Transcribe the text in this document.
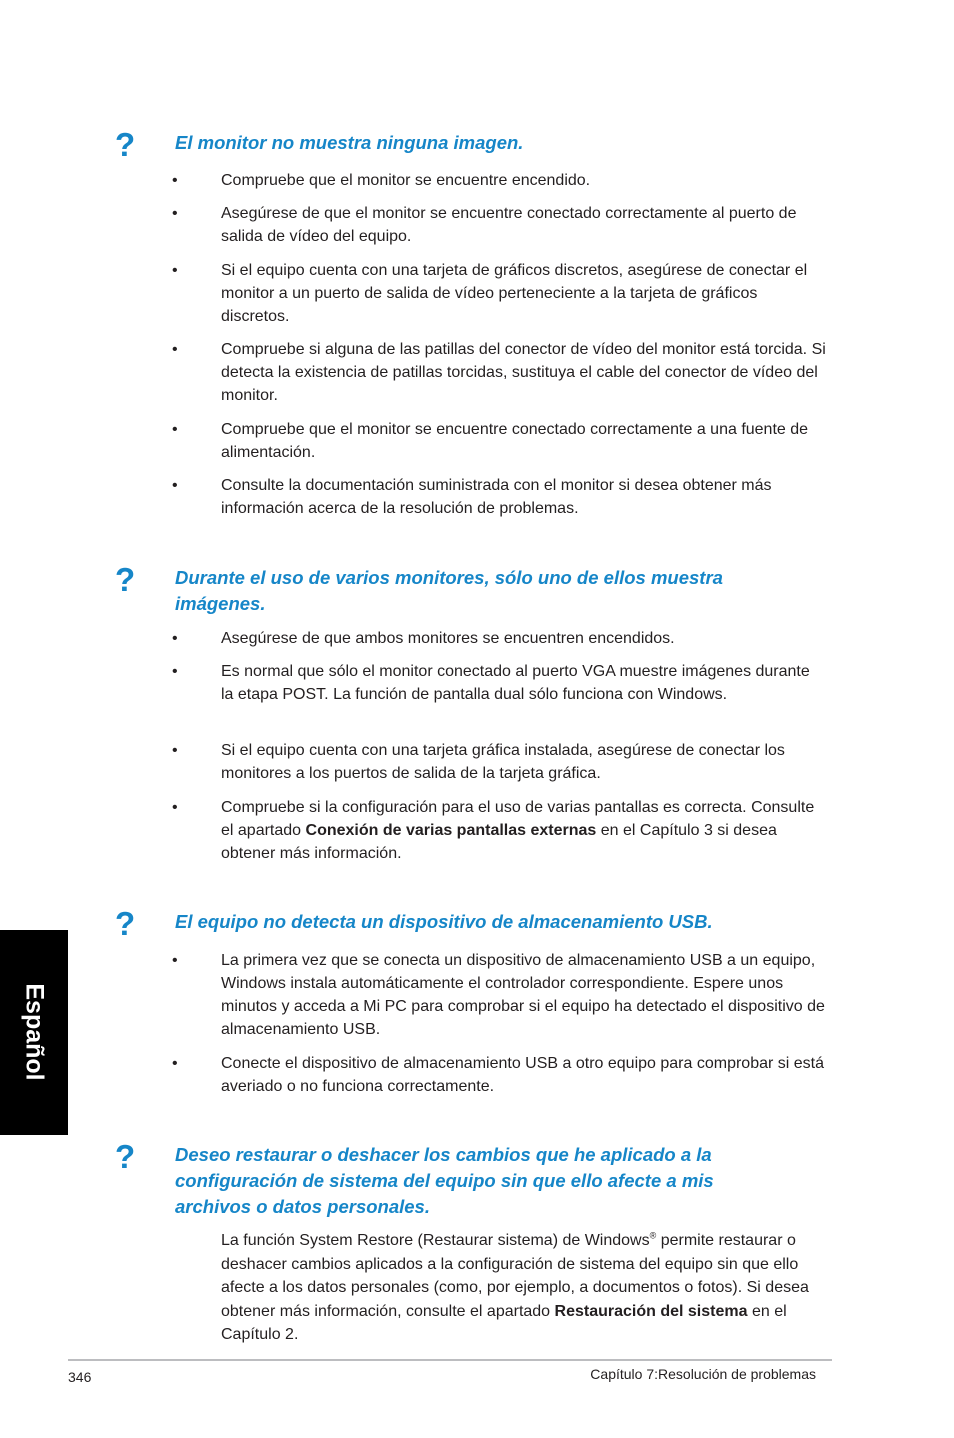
Español
? El monitor no muestra ninguna imagen.
•	Compruebe que el monitor se encuentre encendido.
•	Asegúrese de que el monitor se encuentre conectado correctamente al puerto de salida de vídeo del equipo.
•	Si el equipo cuenta con una tarjeta de gráficos discretos, asegúrese de conectar el monitor a un puerto de salida de vídeo perteneciente a la tarjeta de gráficos discretos.
•	Compruebe si alguna de las patillas del conector de vídeo del monitor está torcida. Si detecta la existencia de patillas torcidas, sustituya el cable del conector de vídeo del monitor.
•	Compruebe que el monitor se encuentre conectado correctamente a una fuente de alimentación.
•	Consulte la documentación suministrada con el monitor si desea obtener más información acerca de la resolución de problemas.
? Durante el uso de varios monitores, sólo uno de ellos muestra imágenes.
•	Asegúrese de que ambos monitores se encuentren encendidos.
•	Es normal que sólo el monitor conectado al puerto VGA muestre imágenes durante la etapa POST. La función de pantalla dual sólo funciona con Windows.
•	Si el equipo cuenta con una tarjeta gráfica instalada, asegúrese de conectar los monitores a los puertos de salida de la tarjeta gráfica.
•	Compruebe si la configuración para el uso de varias pantallas es correcta. Consulte el apartado Conexión de varias pantallas externas en el Capítulo 3 si desea obtener más información.
? El equipo no detecta un dispositivo de almacenamiento USB.
•	La primera vez que se conecta un dispositivo de almacenamiento USB a un equipo, Windows instala automáticamente el controlador correspondiente. Espere unos minutos y acceda a Mi PC para comprobar si el equipo ha detectado el dispositivo de almacenamiento USB.
•	Conecte el dispositivo de almacenamiento USB a otro equipo para comprobar si está averiado o no funciona correctamente.
? Deseo restaurar o deshacer los cambios que he aplicado a la configuración de sistema del equipo sin que ello afecte a mis archivos o datos personales.
La función System Restore (Restaurar sistema) de Windows® permite restaurar o deshacer cambios aplicados a la configuración de sistema del equipo sin que ello afecte a los datos personales (como, por ejemplo, a documentos o fotos). Si desea obtener más información, consulte el apartado Restauración del sistema en el Capítulo 2.
346	Capítulo 7:Resolución de problemas
